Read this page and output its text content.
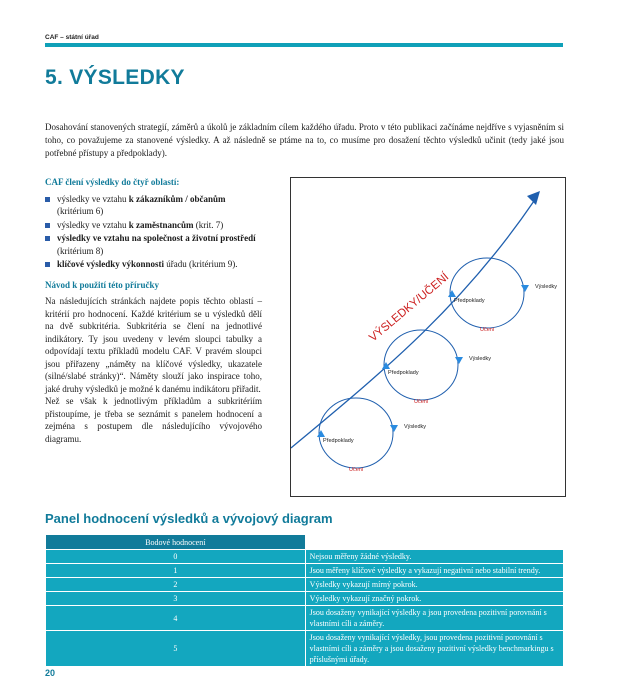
CAF – státní úřad
5. VÝSLEDKY

Dosahování stanovených strategií, záměrů a úkolů je základním cílem každého úřadu. Proto v této publikaci začínáme nejdříve s vyjasněním si toho, co považujeme za stanovené výsledky. A až následně se ptáme na to, co musíme pro dosažení těchto výsledků učinit (tedy jaké jsou potřebné přístupy a předpoklady).

CAF člení výsledky do čtyř oblastí:

výsledky ve vztahu k zákazníkům / občanům (kritérium 6)
výsledky ve vztahu k zaměstnancům (krit. 7)
výsledky ve vztahu na společnost a životní prostředí (kritérium 8)
klíčové výsledky výkonnosti úřadu (kritérium 9).

Návod k použití této příručky

Na následujících stránkách najdete popis těchto oblastí – kritérií pro hodnocení. Každé kritérium se u výsledků dělí na dvě subkritéria. Subkritéria se člení na jednotlivé indikátory. Ty jsou uvedeny v levém sloupci tabulky a odpovídají textu příkladů modelu CAF. V pravém sloupci jsou přiřazeny „náměty na klíčové výsledky, ukazatele (silné/slabé stránky)“. Náměty slouží jako inspirace toho, jaké druhy výsledků je možné k danému indikátoru přiřadit.

Než se však k jednotlivým příkladům a subkritériím přistoupíme, je třeba se seznámit s panelem hodnocení a zejména s postupem dle následujícího vývojového diagramu.

VÝSLEDKY/UČENÍ
Předpoklady
Výsledky
Učení
Předpoklady
Výsledky
Učení
Předpoklady
Výsledky
Učení
Panel hodnocení výsledků a vývojový diagram
Bodové hodnocení	
0	Nejsou měřeny žádné výsledky.
1	Jsou měřeny klíčové výsledky a vykazují negativní nebo stabilní trendy.
2	Výsledky vykazují mírný pokrok.
3	Výsledky vykazují značný pokrok.
4	Jsou dosaženy vynikající výsledky a jsou provedena pozitivní porovnání s vlastními cíli a záměry.
5	Jsou dosaženy vynikající výsledky, jsou provedena pozitivní porovnání s vlastními cíli a záměry a jsou dosaženy pozitivní výsledky benchmarkingu s příslušnými úřady.
20
